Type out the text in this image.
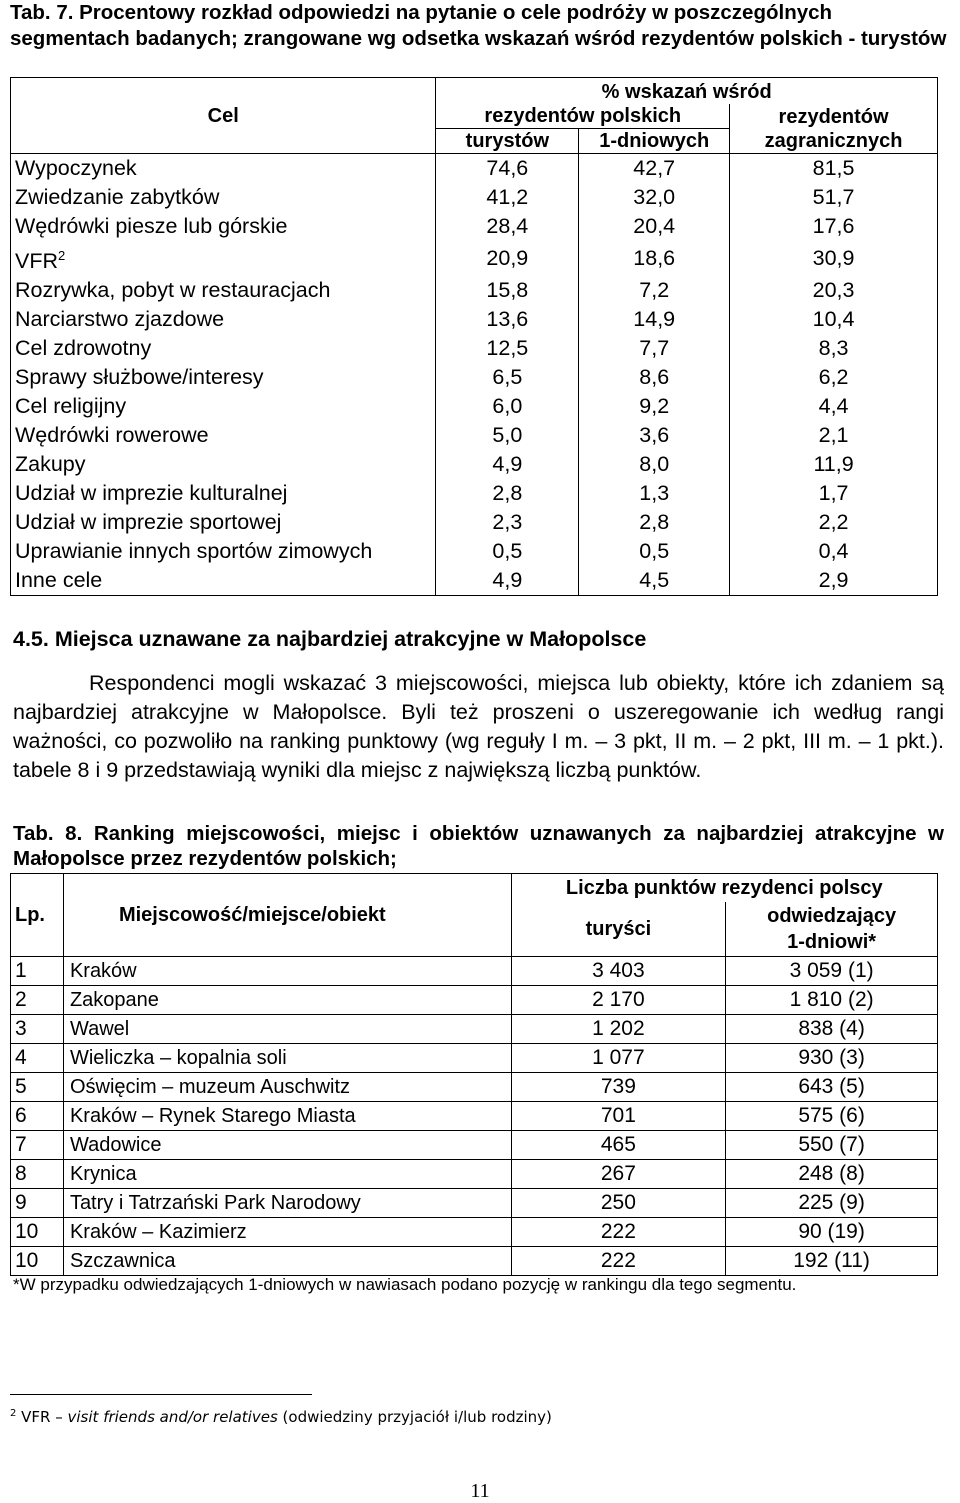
Tab. 7. Procentowy rozkład odpowiedzi na pytanie o cele podróży w poszczególnych segmentach badanych; zrangowane wg odsetka wskazań wśród rezydentów polskich - turystów
Cel	% wskazań wśród		
	rezydentów polskich		rezydentów
zagranicznych
	turystów	1-dniowych	
Wypoczynek	74,6	42,7	81,5
Zwiedzanie zabytków	41,2	32,0	51,7
Wędrówki piesze lub górskie	28,4	20,4	17,6
VFR$^2$	20,9	18,6	30,9
Rozrywka, pobyt w restauracjach	15,8	7,2	20,3
Narciarstwo zjazdowe	13,6	14,9	10,4
Cel zdrowotny	12,5	7,7	8,3
Sprawy służbowe/interesy	6,5	8,6	6,2
Cel religijny	6,0	9,2	4,4
Wędrówki rowerowe	5,0	3,6	2,1
Zakupy	4,9	8,0	11,9
Udział w imprezie kulturalnej	2,8	1,3	1,7
Udział w imprezie sportowej	2,3	2,8	2,2
Uprawianie innych sportów zimowych	0,5	0,5	0,4
Inne cele	4,9	4,5	2,9
4.5. Miejsca uznawane za najbardziej atrakcyjne w Małopolsce
Respondenci mogli wskazać 3 miejscowości, miejsca lub obiekty, które ich zdaniem są najbardziej atrakcyjne w Małopolsce. Byli też proszeni o uszeregowanie ich według rangi ważności, co pozwoliło na ranking punktowy (wg reguły I m. – 3 pkt, II m. – 2 pkt, III m. – 1 pkt.). tabele 8 i 9 przedstawiają wyniki dla miejsc z największą liczbą punktów.
Tab. 8. Ranking miejscowości, miejsc i obiektów uznawanych za najbardziej atrakcyjne w Małopolsce przez rezydentów polskich;
Lp.	Miejscowość/miejsce/obiekt	Liczba punktów rezydenci polscy	
		turyści	odwiedzający
1-dniowi*
1	Kraków	3 403	3 059 (1)
2	Zakopane	2 170	1 810 (2)
3	Wawel	1 202	838 (4)
4	Wieliczka – kopalnia soli	1 077	930 (3)
5	Oświęcim – muzeum Auschwitz	739	643 (5)
6	Kraków – Rynek Starego Miasta	701	575 (6)
7	Wadowice	465	550 (7)
8	Krynica	267	248 (8)
9	Tatry i Tatrzański Park Narodowy	250	225 (9)
10	Kraków – Kazimierz	222	90 (19)
10	Szczawnica	222	192 (11)
*W przypadku odwiedzających 1-dniowych w nawiasach podano pozycję w rankingu dla tego segmentu.
$^2$ VFR – visit friends and/or relatives (odwiedziny przyjaciół i/lub rodziny)
11
